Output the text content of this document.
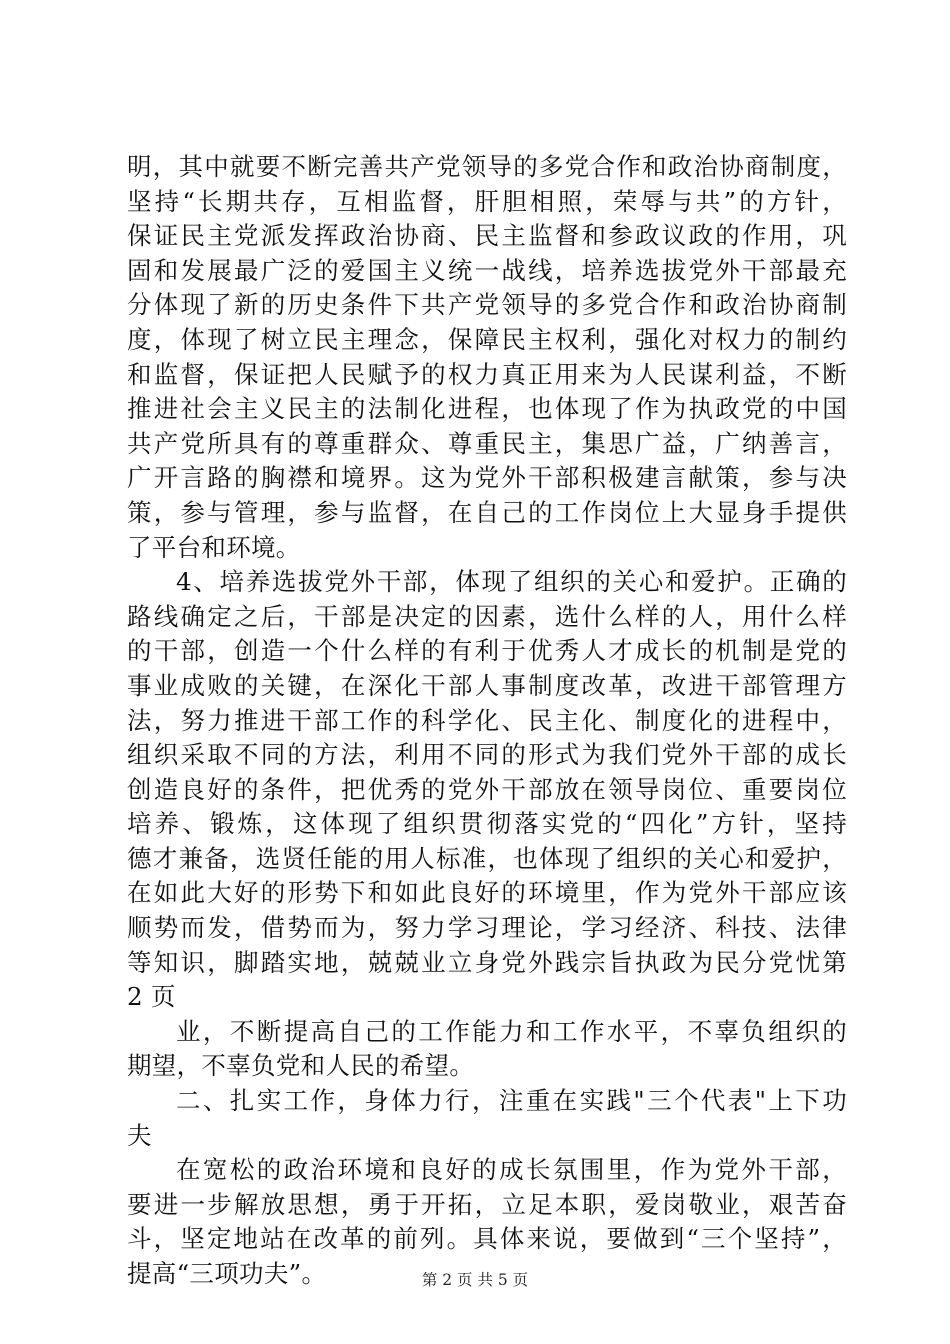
明，其中就要不断完善共产党领导的多党合作和政治协商制度，
坚持“长期共存，互相监督，肝胆相照，荣辱与共”的方针，
保证民主党派发挥政治协商、民主监督和参政议政的作用，巩
固和发展最广泛的爱国主义统一战线，培养选拔党外干部最充
分体现了新的历史条件下共产党领导的多党合作和政治协商制
度，体现了树立民主理念，保障民主权利，强化对权力的制约
和监督，保证把人民赋予的权力真正用来为人民谋利益，不断
推进社会主义民主的法制化进程，也体现了作为执政党的中国
共产党所具有的尊重群众、尊重民主，集思广益，广纳善言，
广开言路的胸襟和境界。这为党外干部积极建言献策，参与决
策，参与管理，参与监督，在自己的工作岗位上大显身手提供
了平台和环境。
4、培养选拔党外干部，体现了组织的关心和爱护。正确的
路线确定之后，干部是决定的因素，选什么样的人，用什么样
的干部，创造一个什么样的有利于优秀人才成长的机制是党的
事业成败的关键，在深化干部人事制度改革，改进干部管理方
法，努力推进干部工作的科学化、民主化、制度化的进程中，
组织采取不同的方法，利用不同的形式为我们党外干部的成长
创造良好的条件，把优秀的党外干部放在领导岗位、重要岗位
培养、锻炼，这体现了组织贯彻落实党的“四化”方针，坚持
德才兼备，选贤任能的用人标准，也体现了组织的关心和爱护，
在如此大好的形势下和如此良好的环境里，作为党外干部应该
顺势而发，借势而为，努力学习理论，学习经济、科技、法律
等知识，脚踏实地，兢兢业立身党外践宗旨执政为民分党忧第
2 页
业，不断提高自己的工作能力和工作水平，不辜负组织的
期望，不辜负党和人民的希望。
二、扎实工作，身体力行，注重在实践"三个代表"上下功
夫
在宽松的政治环境和良好的成长氛围里，作为党外干部，
要进一步解放思想，勇于开拓，立足本职，爱岗敬业，艰苦奋
斗，坚定地站在改革的前列。具体来说，要做到“三个坚持”，
提高“三项功夫”。	第 2 页 共 5 页
